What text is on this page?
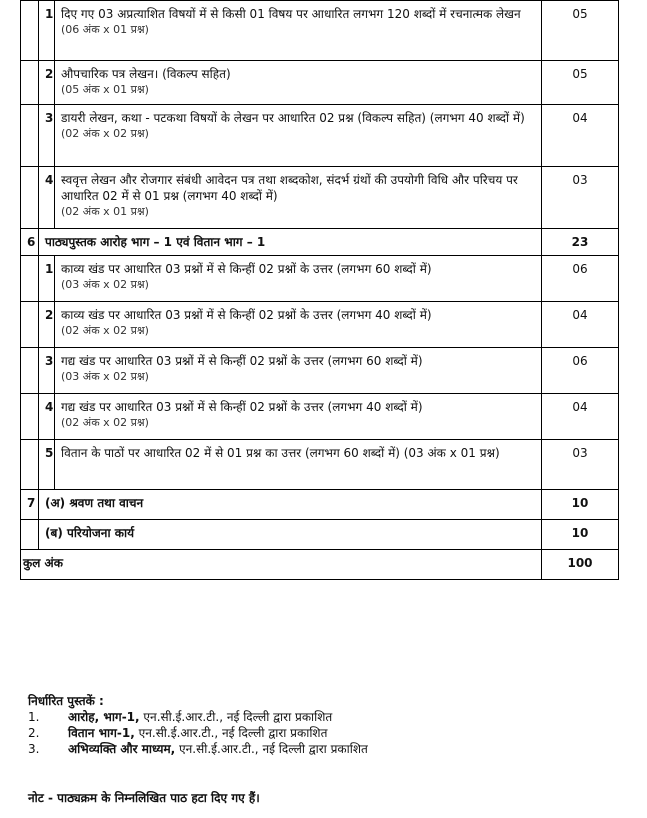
	1	दिए गए 03 अप्रत्याशित विषयों में से किसी 01 विषय पर आधारित लगभग 120 शब्दों में रचनात्मक लेखन
(06 अंक x 01 प्रश्न)	05
	2	औपचारिक पत्र लेखन। (विकल्प सहित)
(05 अंक x 01 प्रश्न)	05
	3	डायरी लेखन, कथा - पटकथा विषयों के लेखन पर आधारित 02 प्रश्न (विकल्प सहित) (लगभग 40 शब्दों में)
(02 अंक x 02 प्रश्न)	04
	4	स्ववृत्त लेखन और रोजगार संबंधी आवेदन पत्र तथा शब्दकोश, संदर्भ ग्रंथों की उपयोगी विधि और परिचय पर आधारित 02 में से 01 प्रश्न (लगभग 40 शब्दों में)
(02 अंक x 01 प्रश्न)	03
6	पाठ्यपुस्तक आरोह भाग – 1 एवं वितान भाग – 1		23
	1	काव्य खंड पर आधारित 03 प्रश्नों में से किन्हीं 02 प्रश्नों के उत्तर (लगभग 60 शब्दों में)
(03 अंक x 02 प्रश्न)	06
	2	काव्य खंड पर आधारित 03 प्रश्नों में से किन्हीं 02 प्रश्नों के उत्तर (लगभग 40 शब्दों में)
(02 अंक x 02 प्रश्न)	04
	3	गद्य खंड पर आधारित 03 प्रश्नों में से किन्हीं 02 प्रश्नों के उत्तर (लगभग 60 शब्दों में)
(03 अंक x 02 प्रश्न)	06
	4	गद्य खंड पर आधारित 03 प्रश्नों में से किन्हीं 02 प्रश्नों के उत्तर (लगभग 40 शब्दों में)
(02 अंक x 02 प्रश्न)	04
	5	वितान के पाठों पर आधारित 02 में से 01 प्रश्न का उत्तर (लगभग 60 शब्दों में) (03 अंक x 01 प्रश्न)	03
7	(अ) श्रवण तथा वाचन		10
	(ब) परियोजना कार्य		10
कुल अंक			100
निर्धारित पुस्तकें :
1.	आरोह, भाग-1, एन.सी.ई.आर.टी., नई दिल्ली द्वारा प्रकाशित
2.	वितान भाग-1, एन.सी.ई.आर.टी., नई दिल्ली द्वारा प्रकाशित
3.	अभिव्यक्ति और माध्यम, एन.सी.ई.आर.टी., नई दिल्ली द्वारा प्रकाशित
नोट - पाठ्यक्रम के निम्नलिखित पाठ हटा दिए गए हैं।
